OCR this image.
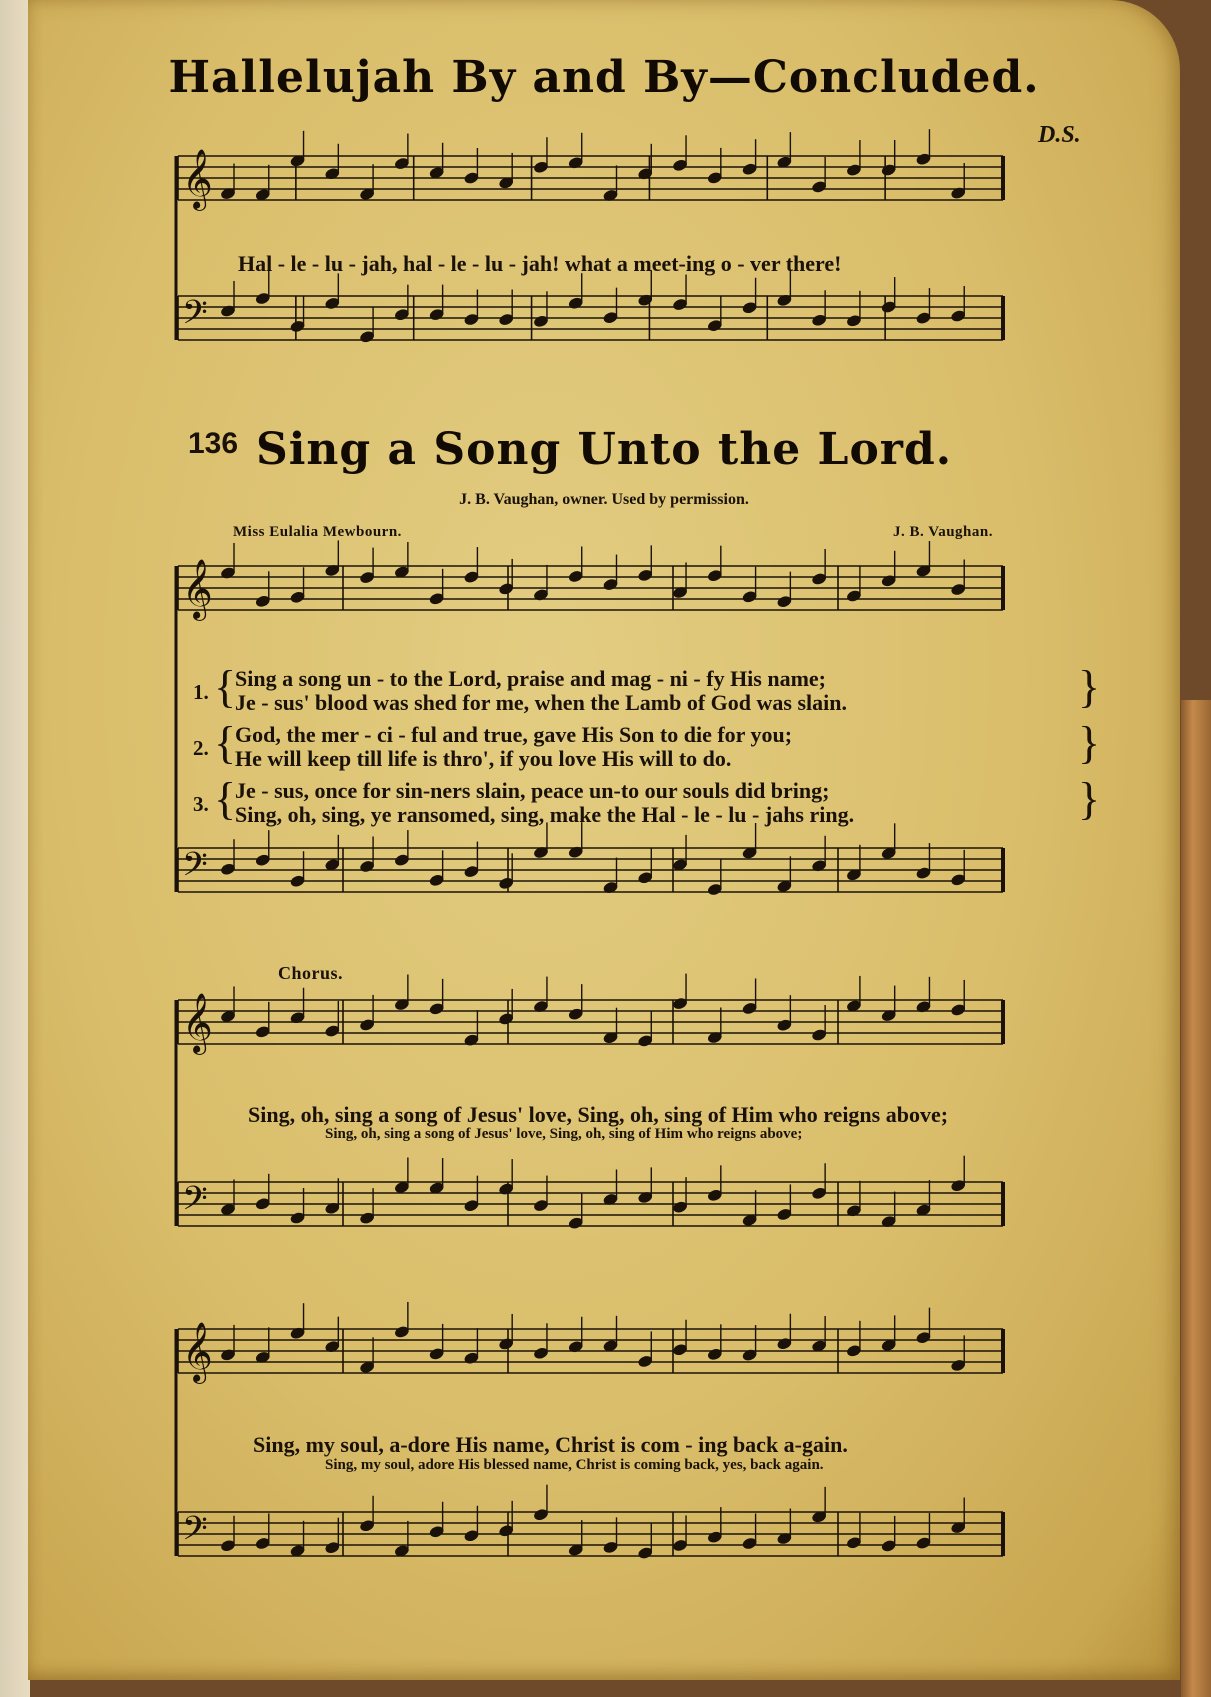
Hallelujah By and By—Concluded.
D.S.
Hal - le - lu - jah, hal - le - lu - jah! what a meet-ing o - ver there!
136 Sing a Song Unto the Lord.
J. B. Vaughan, owner. Used by permission.
Miss Eulalia Mewbourn.	J. B. Vaughan.
1. {
Sing a song un - to the Lord, praise and mag - ni - fy His name;
Je - sus' blood was shed for me, when the Lamb of God was slain.	}
2. {
God, the mer - ci - ful and true, gave His Son to die for you;
He will keep till life is thro', if you love His will to do.	}
3. {
Je - sus, once for sin-ners slain, peace un-to our souls did bring;
Sing, oh, sing, ye ransomed, sing, make the Hal - le - lu - jahs ring.	}
Chorus.
Sing, oh, sing a song of Jesus' love, Sing, oh, sing of Him who reigns above;
Sing, oh, sing a song of Jesus' love, Sing, oh, sing of Him who reigns above;
Sing, my soul, a-dore His name, Christ is com - ing back a-gain.
Sing, my soul, adore His blessed name, Christ is coming back, yes, back again.
𝄞
𝄢
𝄞
𝄢
𝄞
𝄢
𝄞
𝄢
